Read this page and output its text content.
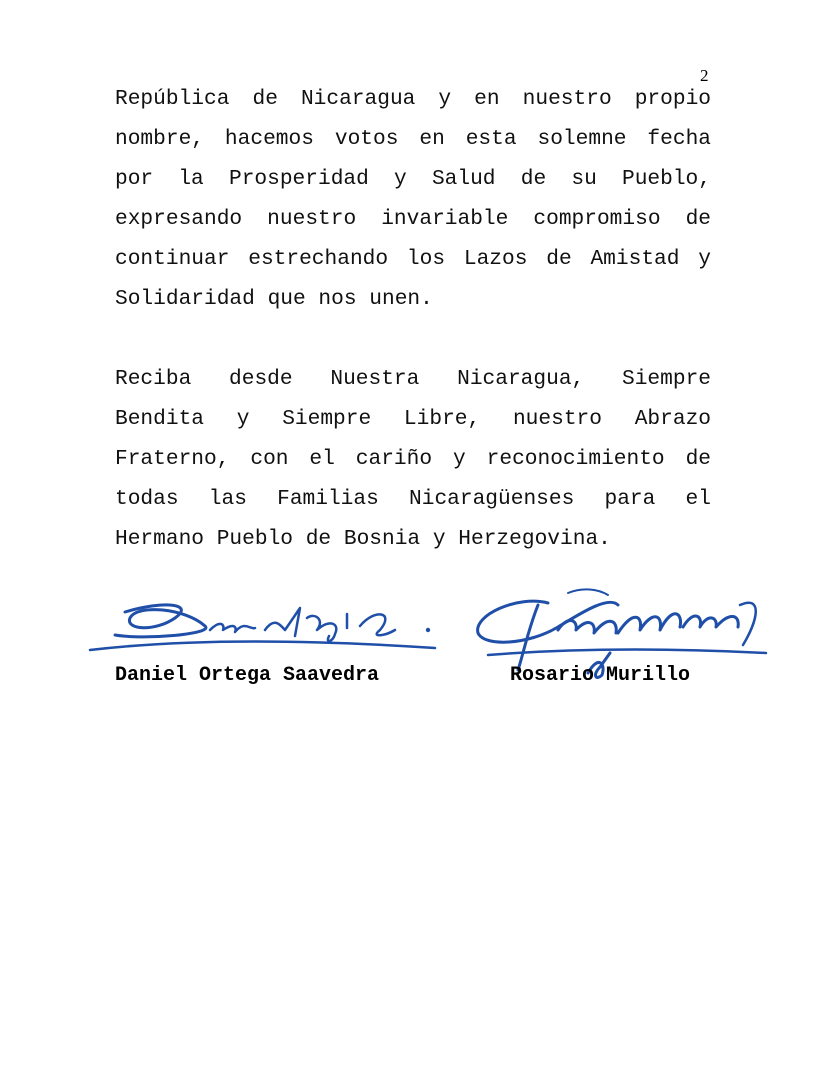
2

República de Nicaragua y en nuestro propio nombre, hacemos votos en esta solemne fecha por la Prosperidad y Salud de su Pueblo, expresando nuestro invariable compromiso de continuar estrechando los Lazos de Amistad y Solidaridad que nos unen.

Reciba desde Nuestra Nicaragua, Siempre Bendita y Siempre Libre, nuestro Abrazo Fraterno, con el cariño y reconocimiento de todas las Familias Nicaragüenses para el Hermano Pueblo de Bosnia y Herzegovina.

Daniel Ortega Saavedra	Rosario Murillo
